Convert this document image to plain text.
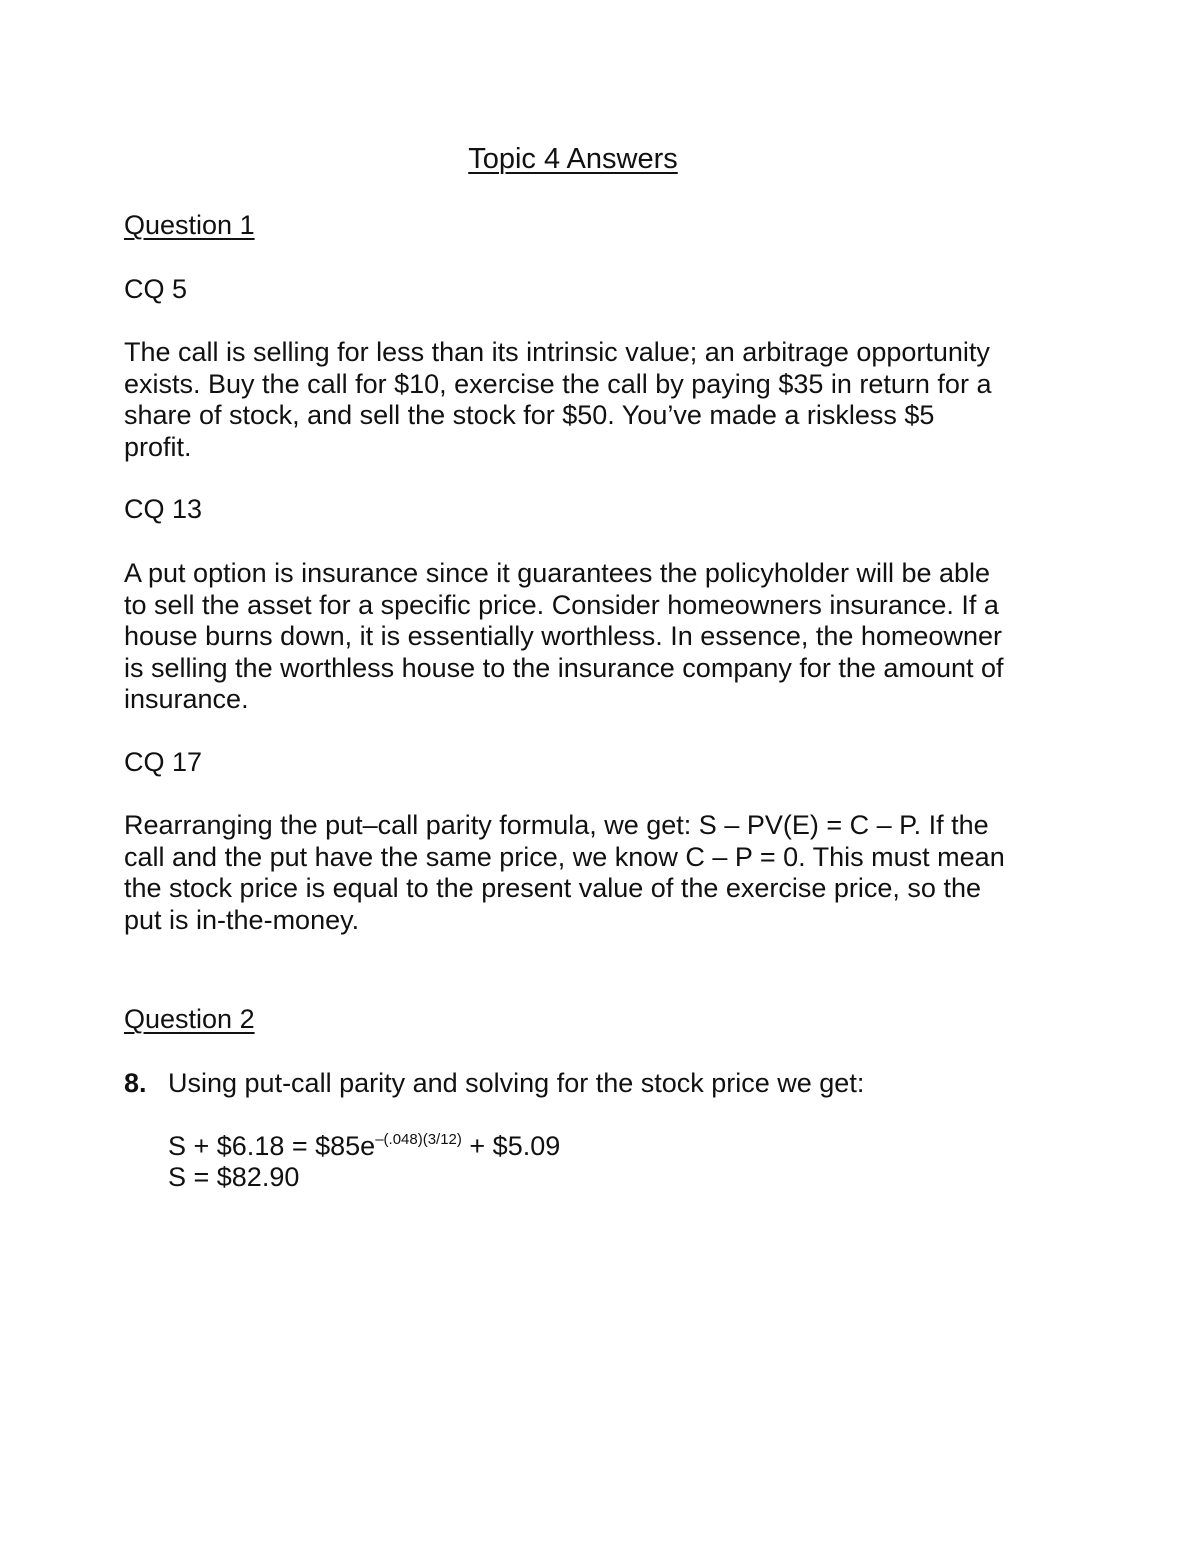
Topic 4 Answers
Question 1
CQ 5
The call is selling for less than its intrinsic value; an arbitrage opportunity
exists. Buy the call for $10, exercise the call by paying $35 in return for a
share of stock, and sell the stock for $50. You’ve made a riskless $5
profit.
CQ 13
A put option is insurance since it guarantees the policyholder will be able
to sell the asset for a specific price. Consider homeowners insurance. If a
house burns down, it is essentially worthless. In essence, the homeowner
is selling the worthless house to the insurance company for the amount of
insurance.
CQ 17
Rearranging the put–call parity formula, we get: S – PV(E) = C – P. If the
call and the put have the same price, we know C – P = 0. This must mean
the stock price is equal to the present value of the exercise price, so the
put is in-the-money.
Question 2
8. Using put-call parity and solving for the stock price we get:
S + $6.18 = $\$85e^{-(.048)(3/12)}$ + $5.09
S = $82.90
